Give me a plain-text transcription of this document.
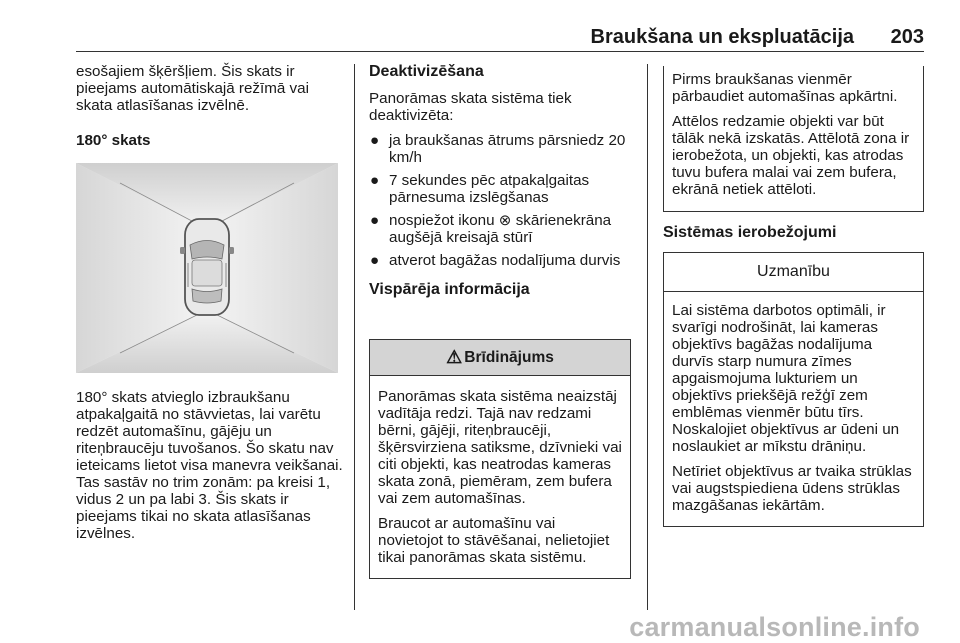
Braukšana un ekspluatācija 203

esošajiem šķēršļiem. Šis skats ir pieejams automātiskajā režīmā vai skata atlasīšanas izvēlnē.

180° skats

180° skats atvieglo izbraukšanu atpakaļgaitā no stāvvietas, lai varētu redzēt automašīnu, gājēju un riteņbraucēju tuvošanos. Šo skatu nav ieteicams lietot visa manevra veikšanai. Tas sastāv no trim zonām: pa kreisi 1, vidus 2 un pa labi 3. Šis skats ir pieejams tikai no skata atlasīšanas izvēlnes.

Deaktivizēšana

Panorāmas skata sistēma tiek deaktivizēta:

● ja braukšanas ātrums pārsniedz 20 km/h
● 7 sekundes pēc atpakaļgaitas pārnesuma izslēgšanas
● nospiežot ikonu ⊗ skārienekrāna augšējā kreisajā stūrī
● atverot bagāžas nodalījuma durvis
Vispārēja informācija
⚠ Brīdinājums

Panorāmas skata sistēma neaizstāj vadītāja redzi. Tajā nav redzami bērni, gājēji, riteņbraucēji, šķērsvirziena satiksme, dzīvnieki vai citi objekti, kas neatrodas kameras skata zonā, piemēram, zem bufera vai zem automašīnas.

Braucot ar automašīnu vai novietojot to stāvēšanai, nelietojiet tikai panorāmas skata sistēmu.

Pirms braukšanas vienmēr pārbaudiet automašīnas apkārtni.

Attēlos redzamie objekti var būt tālāk nekā izskatās. Attēlotā zona ir ierobežota, un objekti, kas atrodas tuvu bufera malai vai zem bufera, ekrānā netiek attēloti.

Sistēmas ierobežojumi
Uzmanību

Lai sistēma darbotos optimāli, ir svarīgi nodrošināt, lai kameras objektīvs bagāžas nodalījuma durvīs starp numura zīmes apgaismojuma lukturiem un objektīvs priekšējā režģī zem emblēmas vienmēr būtu tīrs. Noskalojiet objektīvus ar ūdeni un noslaukiet ar mīkstu drāniņu.

Netīriet objektīvus ar tvaika strūklas vai augstspiediena ūdens strūklas mazgāšanas iekārtām.

carmanualsonline.info
